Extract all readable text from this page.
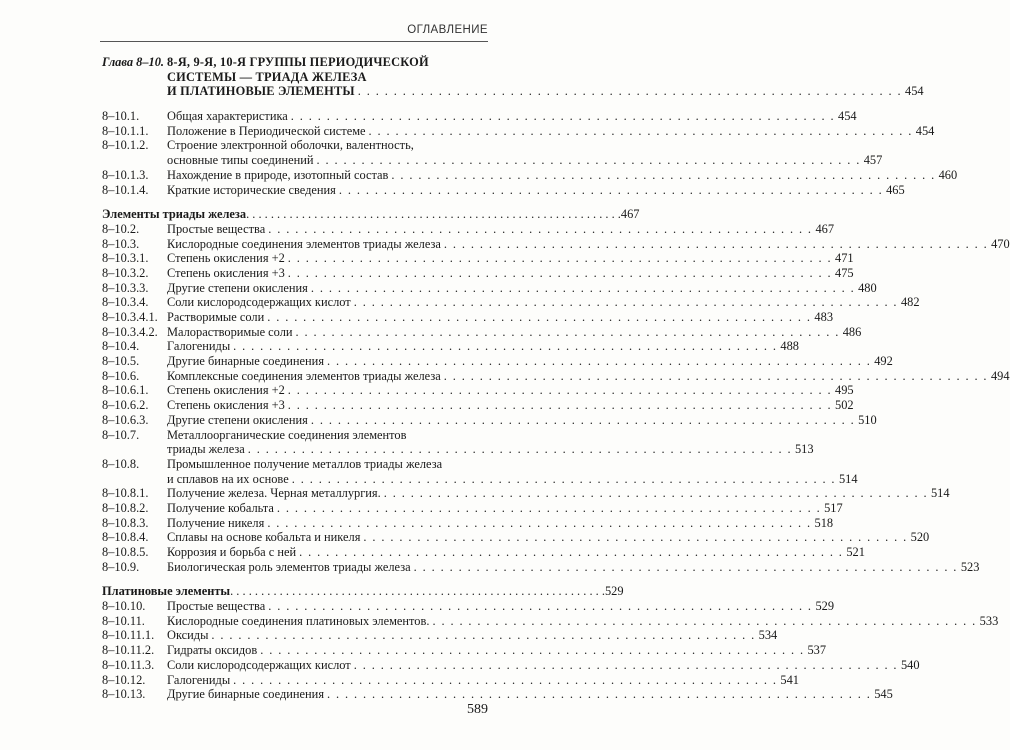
ОГЛАВЛЕНИЕ
Глава 8–10. 8-Я, 9-Я, 10-Я ГРУППЫ ПЕРИОДИЧЕСКОЙ
СИСТЕМЫ — ТРИАДА ЖЕЛЕЗА
И ПЛАТИНОВЫЕ ЭЛЕМЕНТЫ . . . . . . . . . . . . . . . . . . . . . . . . . . . . . . . . . . . . . . . . . . . . . . . . . . . . . . . . . . . . . 454
8–10.1. Общая характеристика . . . . . . . . . . . . . . . . . . . . . . . . . . . . . . . . . . . . . . . . . . . . . . . . . . . . . . . . . . . . . 454
8–10.1.1. Положение в Периодической системе . . . . . . . . . . . . . . . . . . . . . . . . . . . . . . . . . . . . . . . . . . . . . . . . . . . . . . . . . . . . . 454
8–10.1.2. Строение электронной оболочки, валентность,
основные типы соединений . . . . . . . . . . . . . . . . . . . . . . . . . . . . . . . . . . . . . . . . . . . . . . . . . . . . . . . . . . . . . 457
8–10.1.3. Нахождение в природе, изотопный состав . . . . . . . . . . . . . . . . . . . . . . . . . . . . . . . . . . . . . . . . . . . . . . . . . . . . . . . . . . . . . 460
8–10.1.4. Краткие исторические сведения . . . . . . . . . . . . . . . . . . . . . . . . . . . . . . . . . . . . . . . . . . . . . . . . . . . . . . . . . . . . . 465
Элементы триады железа . . . . . . . . . . . . . . . . . . . . . . . . . . . . . . . . . . . . . . . . . . . . . . . . . . . . . . . . . . . . . 467
8–10.2. Простые вещества . . . . . . . . . . . . . . . . . . . . . . . . . . . . . . . . . . . . . . . . . . . . . . . . . . . . . . . . . . . . . 467
8–10.3. Кислородные соединения элементов триады железа . . . . . . . . . . . . . . . . . . . . . . . . . . . . . . . . . . . . . . . . . . . . . . . . . . . . . . . . . . . . . 470
8–10.3.1. Степень окисления +2 . . . . . . . . . . . . . . . . . . . . . . . . . . . . . . . . . . . . . . . . . . . . . . . . . . . . . . . . . . . . . 471
8–10.3.2. Степень окисления +3 . . . . . . . . . . . . . . . . . . . . . . . . . . . . . . . . . . . . . . . . . . . . . . . . . . . . . . . . . . . . . 475
8–10.3.3. Другие степени окисления . . . . . . . . . . . . . . . . . . . . . . . . . . . . . . . . . . . . . . . . . . . . . . . . . . . . . . . . . . . . . 480
8–10.3.4. Соли кислородсодержащих кислот . . . . . . . . . . . . . . . . . . . . . . . . . . . . . . . . . . . . . . . . . . . . . . . . . . . . . . . . . . . . . 482
8–10.3.4.1. Растворимые соли . . . . . . . . . . . . . . . . . . . . . . . . . . . . . . . . . . . . . . . . . . . . . . . . . . . . . . . . . . . . . 483
8–10.3.4.2. Малорастворимые соли . . . . . . . . . . . . . . . . . . . . . . . . . . . . . . . . . . . . . . . . . . . . . . . . . . . . . . . . . . . . . 486
8–10.4. Галогениды . . . . . . . . . . . . . . . . . . . . . . . . . . . . . . . . . . . . . . . . . . . . . . . . . . . . . . . . . . . . . 488
8–10.5. Другие бинарные соединения . . . . . . . . . . . . . . . . . . . . . . . . . . . . . . . . . . . . . . . . . . . . . . . . . . . . . . . . . . . . . 492
8–10.6. Комплексные соединения элементов триады железа . . . . . . . . . . . . . . . . . . . . . . . . . . . . . . . . . . . . . . . . . . . . . . . . . . . . . . . . . . . . . 494
8–10.6.1. Степень окисления +2 . . . . . . . . . . . . . . . . . . . . . . . . . . . . . . . . . . . . . . . . . . . . . . . . . . . . . . . . . . . . . 495
8–10.6.2. Степень окисления +3 . . . . . . . . . . . . . . . . . . . . . . . . . . . . . . . . . . . . . . . . . . . . . . . . . . . . . . . . . . . . . 502
8–10.6.3. Другие степени окисления . . . . . . . . . . . . . . . . . . . . . . . . . . . . . . . . . . . . . . . . . . . . . . . . . . . . . . . . . . . . . 510
8–10.7. Металлоорганические соединения элементов
триады железа . . . . . . . . . . . . . . . . . . . . . . . . . . . . . . . . . . . . . . . . . . . . . . . . . . . . . . . . . . . . . 513
8–10.8. Промышленное получение металлов триады железа
и сплавов на их основе . . . . . . . . . . . . . . . . . . . . . . . . . . . . . . . . . . . . . . . . . . . . . . . . . . . . . . . . . . . . . 514
8–10.8.1. Получение железа. Черная металлургия. . . . . . . . . . . . . . . . . . . . . . . . . . . . . . . . . . . . . . . . . . . . . . . . . . . . . . . . . . . . . . 514
8–10.8.2. Получение кобальта . . . . . . . . . . . . . . . . . . . . . . . . . . . . . . . . . . . . . . . . . . . . . . . . . . . . . . . . . . . . . 517
8–10.8.3. Получение никеля . . . . . . . . . . . . . . . . . . . . . . . . . . . . . . . . . . . . . . . . . . . . . . . . . . . . . . . . . . . . . 518
8–10.8.4. Сплавы на основе кобальта и никеля . . . . . . . . . . . . . . . . . . . . . . . . . . . . . . . . . . . . . . . . . . . . . . . . . . . . . . . . . . . . . 520
8–10.8.5. Коррозия и борьба с ней . . . . . . . . . . . . . . . . . . . . . . . . . . . . . . . . . . . . . . . . . . . . . . . . . . . . . . . . . . . . . 521
8–10.9. Биологическая роль элементов триады железа . . . . . . . . . . . . . . . . . . . . . . . . . . . . . . . . . . . . . . . . . . . . . . . . . . . . . . . . . . . . . 523
Платиновые элементы . . . . . . . . . . . . . . . . . . . . . . . . . . . . . . . . . . . . . . . . . . . . . . . . . . . . . . . . . . . . . 529
8–10.10. Простые вещества . . . . . . . . . . . . . . . . . . . . . . . . . . . . . . . . . . . . . . . . . . . . . . . . . . . . . . . . . . . . . 529
8–10.11. Кислородные соединения платиновых элементов. . . . . . . . . . . . . . . . . . . . . . . . . . . . . . . . . . . . . . . . . . . . . . . . . . . . . . . . . . . . . . 533
8–10.11.1. Оксиды . . . . . . . . . . . . . . . . . . . . . . . . . . . . . . . . . . . . . . . . . . . . . . . . . . . . . . . . . . . . . 534
8–10.11.2. Гидраты оксидов . . . . . . . . . . . . . . . . . . . . . . . . . . . . . . . . . . . . . . . . . . . . . . . . . . . . . . . . . . . . . 537
8–10.11.3. Соли кислородсодержащих кислот . . . . . . . . . . . . . . . . . . . . . . . . . . . . . . . . . . . . . . . . . . . . . . . . . . . . . . . . . . . . . 540
8–10.12. Галогениды . . . . . . . . . . . . . . . . . . . . . . . . . . . . . . . . . . . . . . . . . . . . . . . . . . . . . . . . . . . . . 541
8–10.13. Другие бинарные соединения . . . . . . . . . . . . . . . . . . . . . . . . . . . . . . . . . . . . . . . . . . . . . . . . . . . . . . . . . . . . . 545
589
